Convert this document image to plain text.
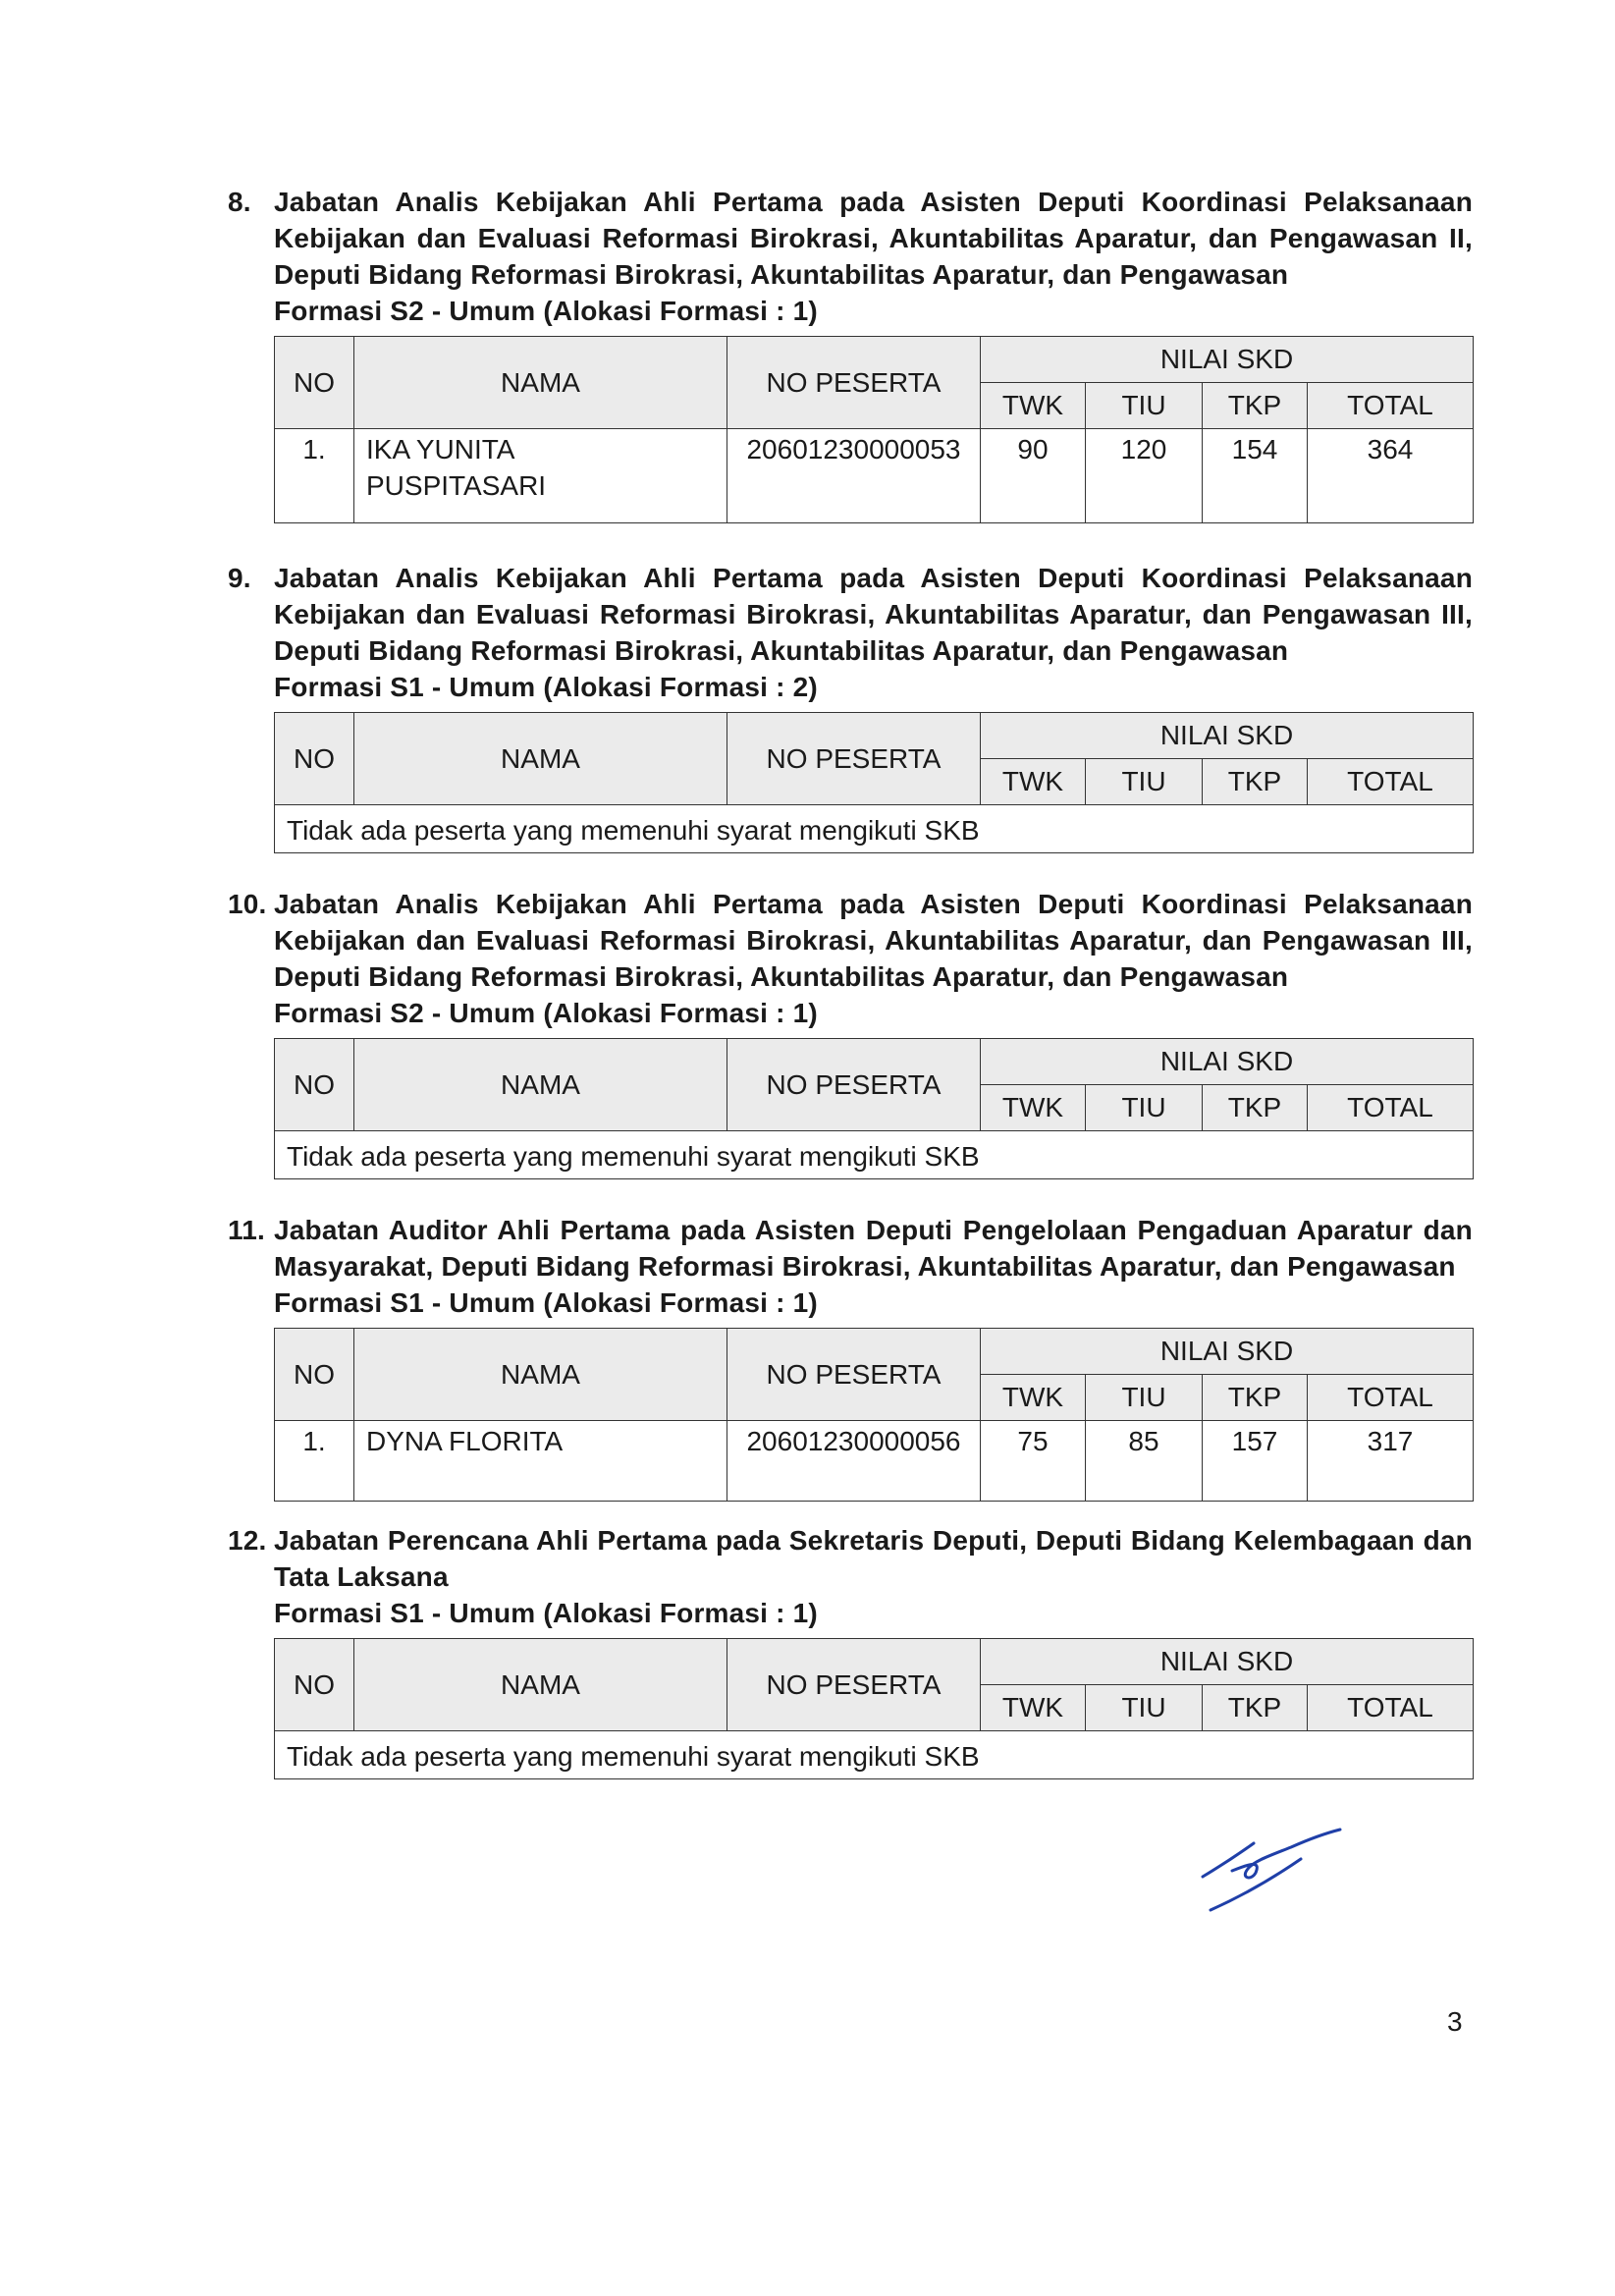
8. Jabatan Analis Kebijakan Ahli Pertama pada Asisten Deputi Koordinasi Pelaksanaan Kebijakan dan Evaluasi Reformasi Birokrasi, Akuntabilitas Aparatur, dan Pengawasan II, Deputi Bidang Reformasi Birokrasi, Akuntabilitas Aparatur, dan Pengawasan
Formasi S2 - Umum (Alokasi Formasi : 1)
NO	NAMA	NO PESERTA	NILAI SKD			
			TWK	TIU	TKP	TOTAL
1.	IKA YUNITA PUSPITASARI	20601230000053	90	120	154	364
9. Jabatan Analis Kebijakan Ahli Pertama pada Asisten Deputi Koordinasi Pelaksanaan Kebijakan dan Evaluasi Reformasi Birokrasi, Akuntabilitas Aparatur, dan Pengawasan III, Deputi Bidang Reformasi Birokrasi, Akuntabilitas Aparatur, dan Pengawasan
Formasi S1 - Umum (Alokasi Formasi : 2)
NO	NAMA	NO PESERTA	NILAI SKD			
			TWK	TIU	TKP	TOTAL
Tidak ada peserta yang memenuhi syarat mengikuti SKB						
10. Jabatan Analis Kebijakan Ahli Pertama pada Asisten Deputi Koordinasi Pelaksanaan Kebijakan dan Evaluasi Reformasi Birokrasi, Akuntabilitas Aparatur, dan Pengawasan III, Deputi Bidang Reformasi Birokrasi, Akuntabilitas Aparatur, dan Pengawasan
Formasi S2 - Umum (Alokasi Formasi : 1)
NO	NAMA	NO PESERTA	NILAI SKD			
			TWK	TIU	TKP	TOTAL
Tidak ada peserta yang memenuhi syarat mengikuti SKB						
11. Jabatan Auditor Ahli Pertama pada Asisten Deputi Pengelolaan Pengaduan Aparatur dan Masyarakat, Deputi Bidang Reformasi Birokrasi, Akuntabilitas Aparatur, dan Pengawasan
Formasi S1 - Umum (Alokasi Formasi : 1)
NO	NAMA	NO PESERTA	NILAI SKD			
			TWK	TIU	TKP	TOTAL
1.	DYNA FLORITA	20601230000056	75	85	157	317
12. Jabatan Perencana Ahli Pertama pada Sekretaris Deputi, Deputi Bidang Kelembagaan dan Tata Laksana
Formasi S1 - Umum (Alokasi Formasi : 1)
NO	NAMA	NO PESERTA	NILAI SKD			
			TWK	TIU	TKP	TOTAL
Tidak ada peserta yang memenuhi syarat mengikuti SKB						
3
